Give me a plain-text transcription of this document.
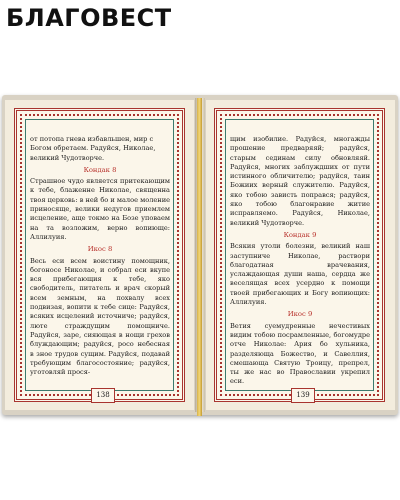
БЛАГОВЕСТ

от потопа гнева избавльшен, мир с

Богом обретаем. Радуйся, Николае,

великий Чудотворче.

Кондак 8

Страшное чудо является притекающим к тебе, блаженне Николае, священна твоя церковь: в ней бо и малое моление приносяще, велики недугов приемлем исцеление, аще токмо на Бозе уповаем на та возложим, верно вопиюще: Аллилуия.

Икос 8

Весь еси всем воистину помощник, богоносе Николае, и собрал еси вкупе вся прибегающия к тебе, яко свободитель, питатель и врач скорый всем земным, на похвалу всех подвизая, вопити к тебе сице: Радуйся, всяких исцелений источниче; радуйся, люте страждущим помощниче. Радуйся, заре, сияющая в нощи грехов блуждающим; радуйся, росо небесная в зное трудов сущим. Радуйся, подавай требующим благосостояние; радуйся, уготовляй прося-

138

щим изобилие. Радуйся, многажды прошение предваряяй; радуйся, старым сединам силу обновляяй. Радуйся, многих заблуждших от пути истинного обличителю; радуйся, таин Божиих верный служителю. Радуйся, яко тобою зависть поправся; радуйся, яко тобою благонравие житие исправляемо. Радуйся, Николае, великий Чудотворче.

Кондак 9

Всякия утоли болезни, великий наш заступниче Николае, раствори благодатная врачевания, услаждающая души наша, сердца же веселящая всех усердно к помощи твоей прибегающих и Богу вопиющих: Аллилуия.

Икос 9

Ветия суемудренные нечестивых видим тобою посрамленные, богомудре отче Николае: Ария бо хульника, разделяюща Божество, и Савеллия, смешающа Святую Троицу, препрел, ты же нас во Православии укрепил еси.

139
